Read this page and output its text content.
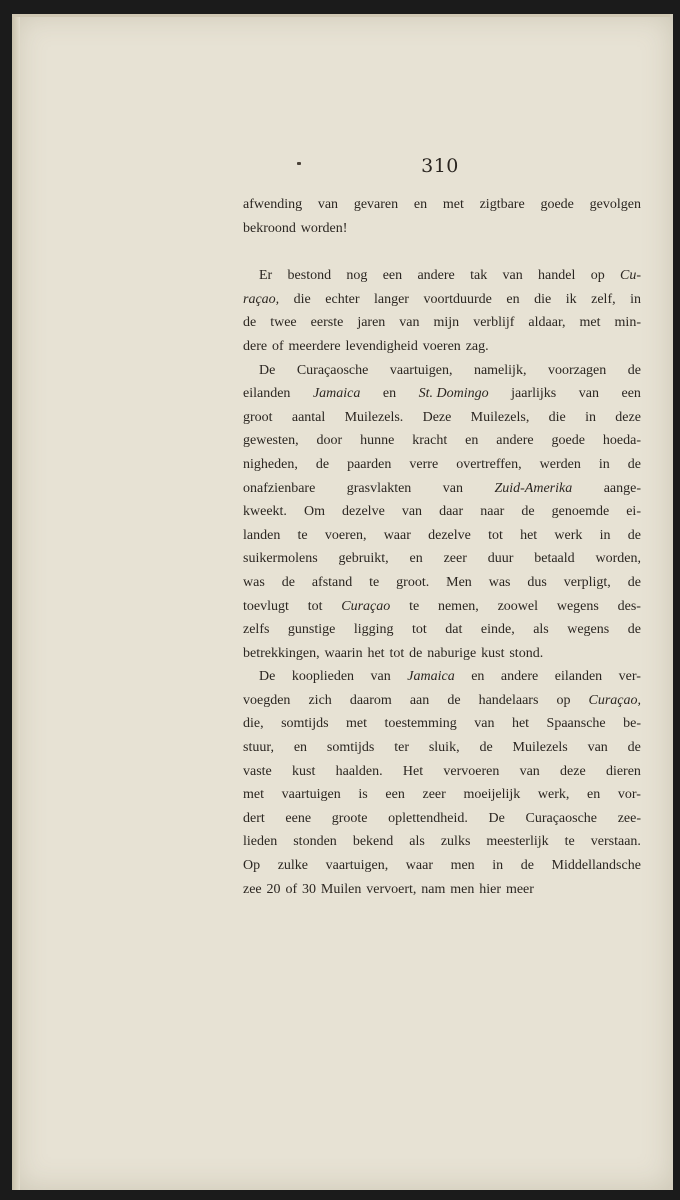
310
afwending van gevaren en met zigtbare goede gevolgen
bekroond worden!
Er bestond nog een andere tak van handel op Cu-
raçao, die echter langer voortduurde en die ik zelf, in
de twee eerste jaren van mijn verblijf aldaar, met min-
dere of meerdere levendigheid voeren zag.
De Curaçaosche vaartuigen, namelijk, voorzagen de
eilanden Jamaica en St. Domingo jaarlijks van een
groot aantal Muilezels. Deze Muilezels, die in deze
gewesten, door hunne kracht en andere goede hoeda-
nigheden, de paarden verre overtreffen, werden in de
onafzienbare grasvlakten van Zuid-Amerika aange-
kweekt. Om dezelve van daar naar de genoemde ei-
landen te voeren, waar dezelve tot het werk in de
suikermolens gebruikt, en zeer duur betaald worden,
was de afstand te groot. Men was dus verpligt, de
toevlugt tot Curaçao te nemen, zoowel wegens des-
zelfs gunstige ligging tot dat einde, als wegens de
betrekkingen, waarin het tot de naburige kust stond.
De kooplieden van Jamaica en andere eilanden ver-
voegden zich daarom aan de handelaars op Curaçao,
die, somtijds met toestemming van het Spaansche be-
stuur, en somtijds ter sluik, de Muilezels van de
vaste kust haalden. Het vervoeren van deze dieren
met vaartuigen is een zeer moeijelijk werk, en vor-
dert eene groote oplettendheid. De Curaçaosche zee-
lieden stonden bekend als zulks meesterlijk te verstaan.
Op zulke vaartuigen, waar men in de Middellandsche
zee 20 of 30 Muilen vervoert, nam men hier meer
